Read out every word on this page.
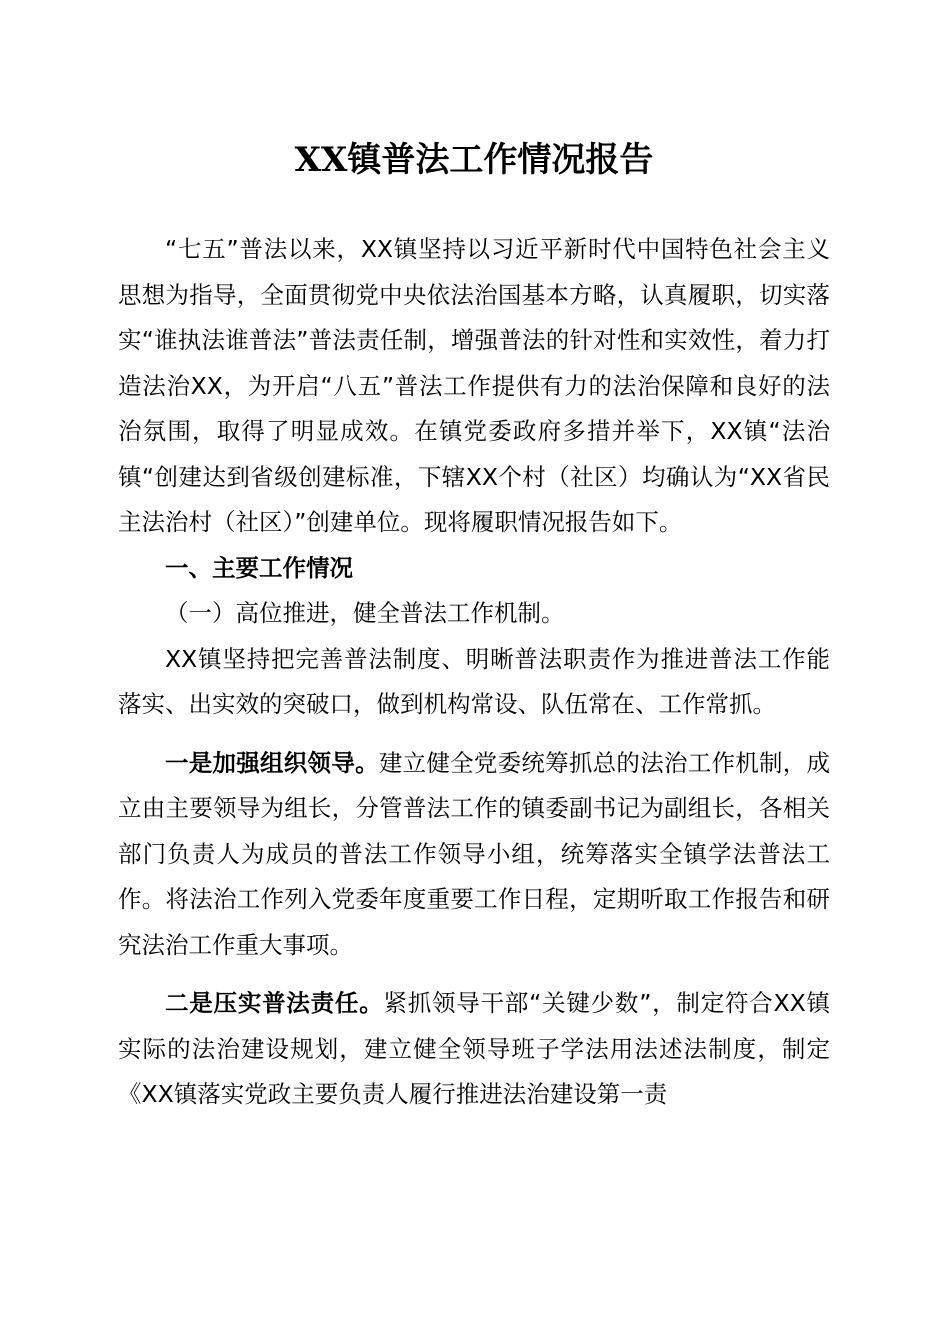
XX镇普法工作情况报告

“七五”普法以来，XX镇坚持以习近平新时代中国特色社会主义思想为指导，全面贯彻党中央依法治国基本方略，认真履职，切实落实“谁执法谁普法”普法责任制，增强普法的针对性和实效性，着力打造法治XX，为开启“八五”普法工作提供有力的法治保障和良好的法治氛围，取得了明显成效。在镇党委政府多措并举下，XX镇“法治镇“创建达到省级创建标准，下辖XX个村（社区）均确认为“XX省民主法治村（社区）”创建单位。现将履职情况报告如下。

一、主要工作情况

（一）高位推进，健全普法工作机制。

XX镇坚持把完善普法制度、明晰普法职责作为推进普法工作能落实、出实效的突破口，做到机构常设、队伍常在、工作常抓。

一是加强组织领导。建立健全党委统筹抓总的法治工作机制，成立由主要领导为组长，分管普法工作的镇委副书记为副组长，各相关部门负责人为成员的普法工作领导小组，统筹落实全镇学法普法工作。将法治工作列入党委年度重要工作日程，定期听取工作报告和研究法治工作重大事项。

二是压实普法责任。紧抓领导干部“关键少数”，制定符合XX镇实际的法治建设规划，建立健全领导班子学法用法述法制度，制定《XX镇落实党政主要负责人履行推进法治建设第一责
